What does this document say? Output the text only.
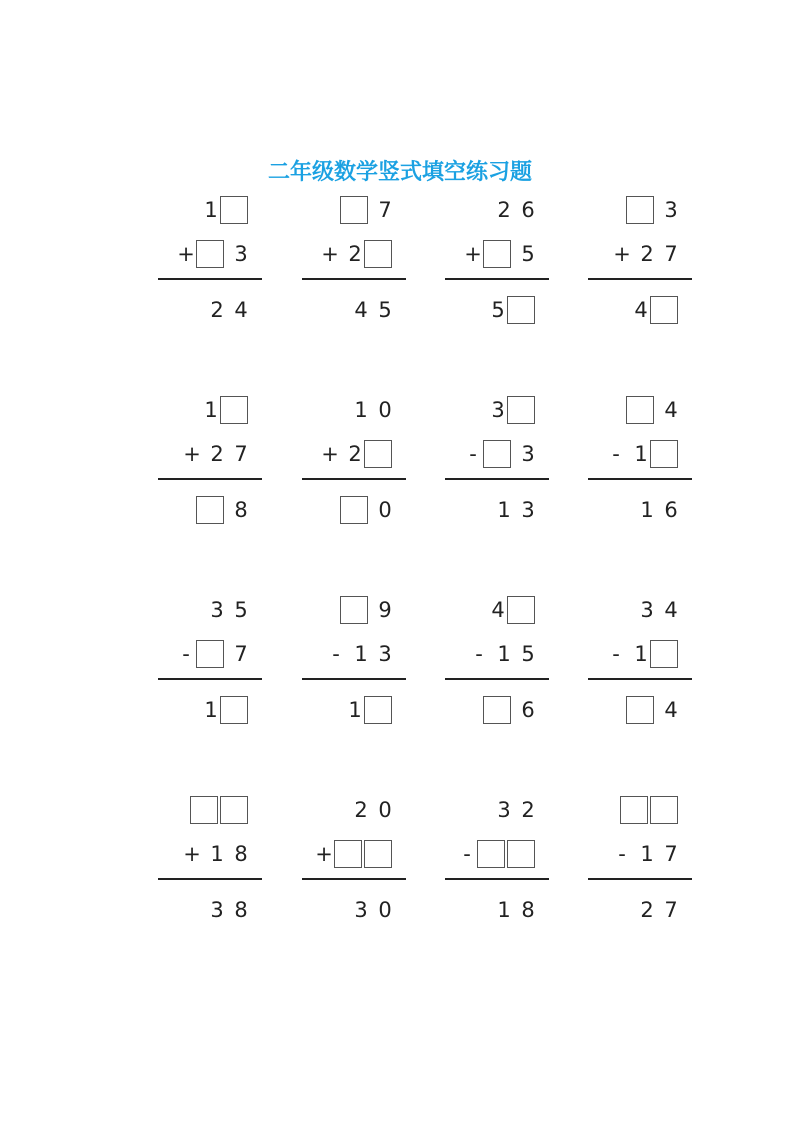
二年级数学竖式填空练习题
1
+ 3
2 4
7
+ 2
4 5
2 6
+ 5
5
3
+ 2 7
4
1
+ 2 7
8
1 0
+ 2
0
3
- 3
1 3
4
- 1
1 6
3 5
- 7
1
9
- 1 3
1
4
- 1 5
6
3 4
- 1
4
+ 1 8
3 8
2 0
+
3 0
3 2
-
1 8
- 1 7
2 7
